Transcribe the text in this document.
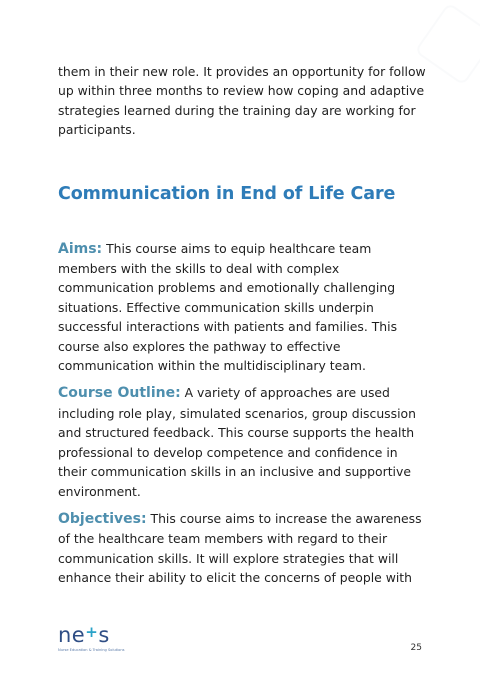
them in their new role. It provides an opportunity for follow up within three months to review how coping and adaptive strategies learned during the training day are working for participants.

Communication in End of Life Care

Aims: This course aims to equip healthcare team members with the skills to deal with complex communication problems and emotionally challenging situations. Effective communication skills underpin successful interactions with patients and families. This course also explores the pathway to effective communication within the multidisciplinary team.

Course Outline: A variety of approaches are used including role play, simulated scenarios, group discussion and structured feedback. This course supports the health professional to develop competence and confidence in their communication skills in an inclusive and supportive environment.

Objectives: This course aims to increase the awareness of the healthcare team members with regard to their communication skills. It will explore strategies that will enhance their ability to elicit the concerns of people with

ne+s
Nurse Education & Training Solutions	25
